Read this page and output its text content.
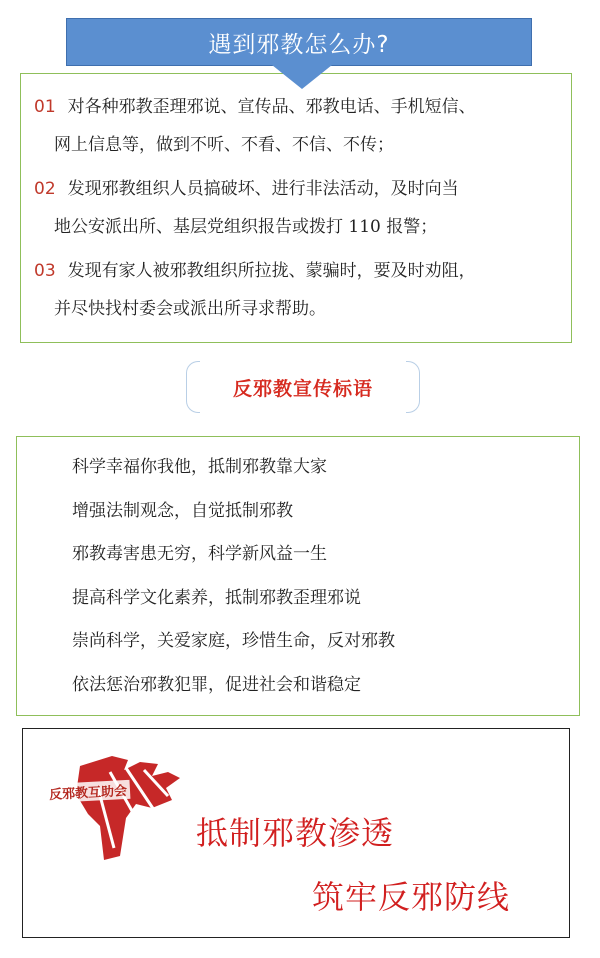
遇到邪教怎么办?
01 对各种邪教歪理邪说、宣传品、邪教电话、手机短信、
网上信息等，做到不听、不看、不信、不传；
02 发现邪教组织人员搞破坏、进行非法活动，及时向当
地公安派出所、基层党组织报告或拨打 110 报警；
03 发现有家人被邪教组织所拉拢、蒙骗时，要及时劝阻，
并尽快找村委会或派出所寻求帮助。
反邪教宣传标语
科学幸福你我他，抵制邪教靠大家
增强法制观念，自觉抵制邪教
邪教毒害患无穷，科学新风益一生
提高科学文化素养，抵制邪教歪理邪说
崇尚科学，关爱家庭，珍惜生命，反对邪教
依法惩治邪教犯罪，促进社会和谐稳定
反邪教互助会
抵制邪教渗透
筑牢反邪防线
